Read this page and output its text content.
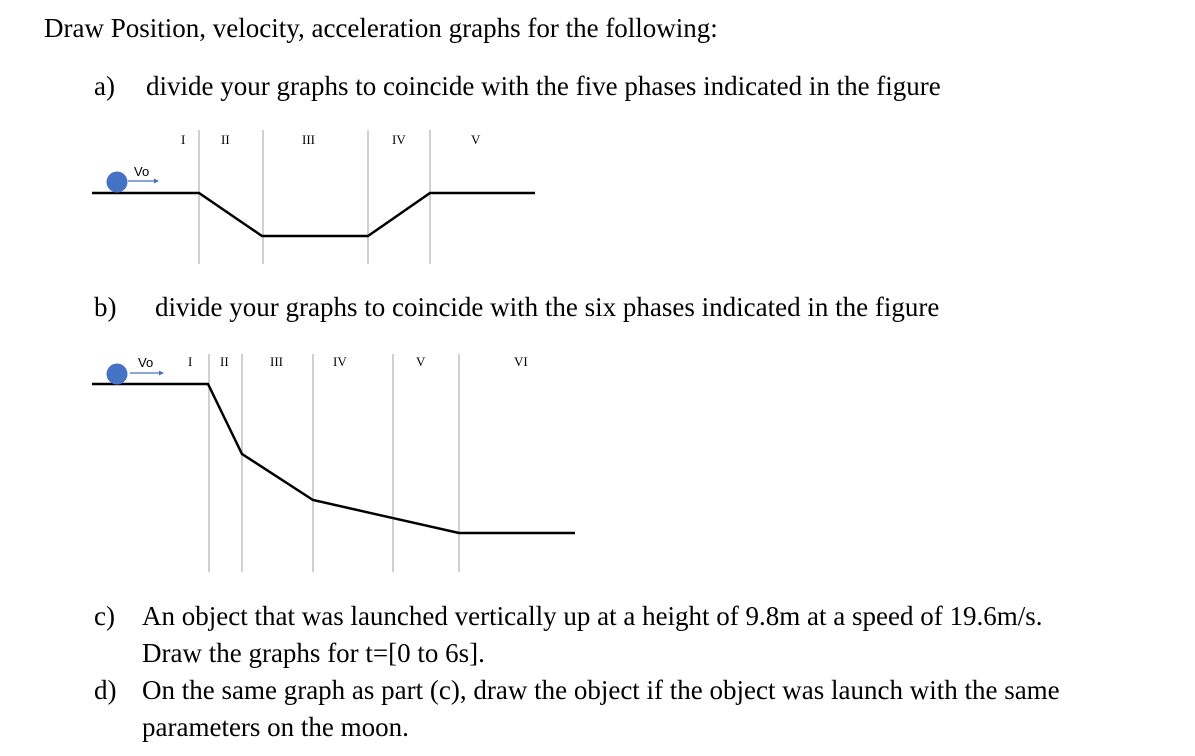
Draw Position, velocity, acceleration graphs for the following:
a) divide your graphs to coincide with the five phases indicated in the figure
I	II	III	IV	V
Vo
b) divide your graphs to coincide with the six phases indicated in the figure
I II	III	IV	V	VI
Vo
c) An object that was launched vertically up at a height of 9.8m at a speed of 19.6m/s.
Draw the graphs for t=[0 to 6s].
d) On the same graph as part (c), draw the object if the object was launch with the same
parameters on the moon.
